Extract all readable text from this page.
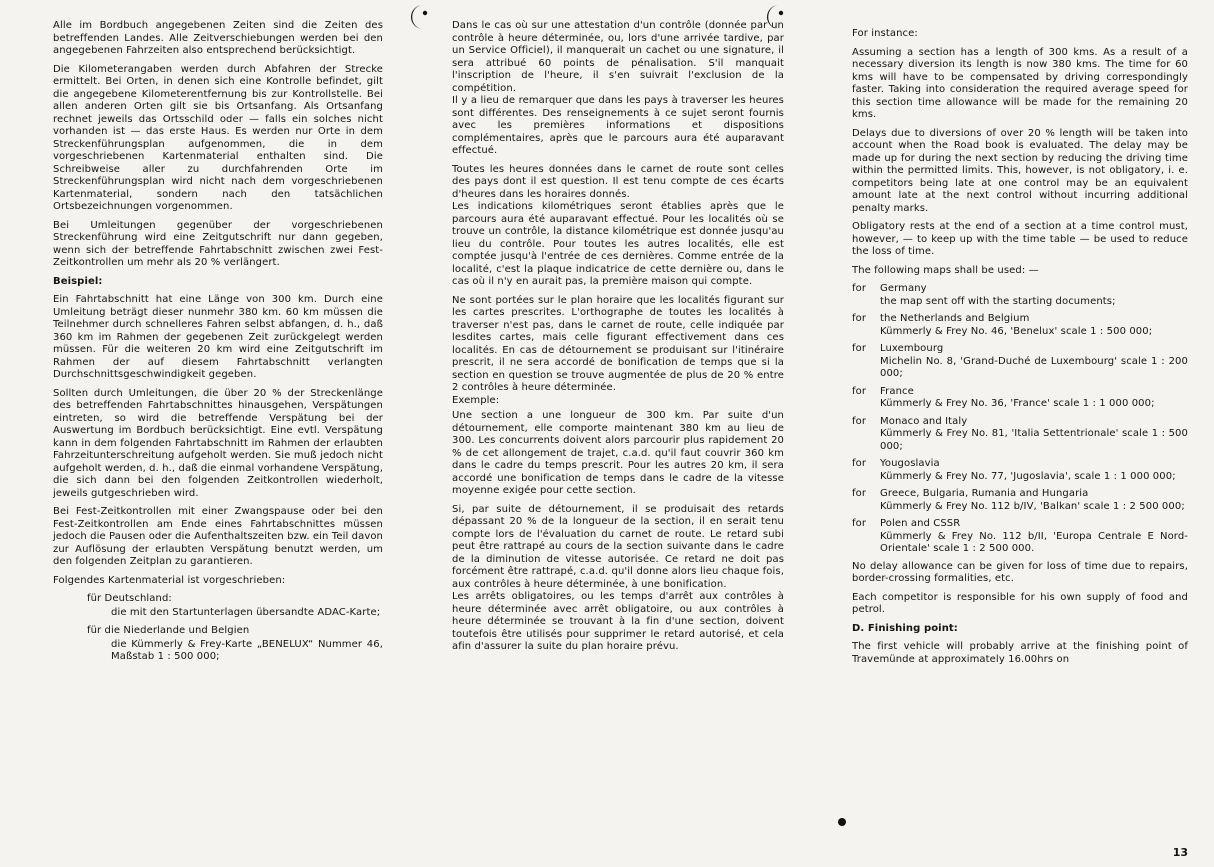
Alle im Bordbuch angegebenen Zeiten sind die Zeiten des betreffenden Landes. Alle Zeitverschiebungen werden bei den angegebenen Fahrzeiten also entsprechend berücksichtigt.

Die Kilometerangaben werden durch Abfahren der Strecke ermittelt. Bei Orten, in denen sich eine Kontrolle befindet, gilt die angegebene Kilometerentfernung bis zur Kontrollstelle. Bei allen anderen Orten gilt sie bis Ortsanfang. Als Ortsanfang rechnet jeweils das Ortsschild oder — falls ein solches nicht vorhanden ist — das erste Haus. Es werden nur Orte in dem Streckenführungsplan aufgenommen, die in dem vorgeschriebenen Kartenmaterial enthalten sind. Die Schreibweise aller zu durchfahrenden Orte im Streckenführungsplan wird nicht nach dem vorgeschriebenen Kartenmaterial, sondern nach den tatsächlichen Ortsbezeichnungen vorgenommen.

Bei Umleitungen gegenüber der vorgeschriebenen Streckenführung wird eine Zeitgutschrift nur dann gegeben, wenn sich der betreffende Fahrtabschnitt zwischen zwei Fest-Zeitkontrollen um mehr als 20 % verlängert.

Beispiel:

Ein Fahrtabschnitt hat eine Länge von 300 km. Durch eine Umleitung beträgt dieser nunmehr 380 km. 60 km müssen die Teilnehmer durch schnelleres Fahren selbst abfangen, d. h., daß 360 km im Rahmen der gegebenen Zeit zurückgelegt werden müssen. Für die weiteren 20 km wird eine Zeitgutschrift im Rahmen der auf diesem Fahrtabschnitt verlangten Durchschnittsgeschwindigkeit gegeben.

Sollten durch Umleitungen, die über 20 % der Streckenlänge des betreffenden Fahrtabschnittes hinausgehen, Verspätungen eintreten, so wird die betreffende Verspätung bei der Auswertung im Bordbuch berücksichtigt. Eine evtl. Verspätung kann in dem folgenden Fahrtabschnitt im Rahmen der erlaubten Fahrzeitunterschreitung aufgeholt werden. Sie muß jedoch nicht aufgeholt werden, d. h., daß die einmal vorhandene Verspätung, die sich dann bei den folgenden Zeitkontrollen wiederholt, jeweils gutgeschrieben wird.

Bei Fest-Zeitkontrollen mit einer Zwangspause oder bei den Fest-Zeitkontrollen am Ende eines Fahrtabschnittes müssen jedoch die Pausen oder die Aufenthaltszeiten bzw. ein Teil davon zur Auflösung der erlaubten Verspätung benutzt werden, um den folgenden Zeitplan zu garantieren.

Folgendes Kartenmaterial ist vorgeschrieben:

für Deutschland:
die mit den Startunterlagen übersandte ADAC-Karte;
für die Niederlande und Belgien
die Kümmerly & Frey-Karte „BENELUX“ Nummer 46, Maßstab 1 : 500 000;

Dans le cas où sur une attestation d'un contrôle (donnée par un contrôle à heure déterminée, ou, lors d'une arrivée tardive, par un Service Officiel), il manquerait un cachet ou une signature, il sera attribué 60 points de pénalisation. S'il manquait l'inscription de l'heure, il s'en suivrait l'exclusion de la compétition.

Il y a lieu de remarquer que dans les pays à traverser les heures sont différentes. Des renseignements à ce sujet seront fournis avec les premières informations et dispositions complémentaires, après que le parcours aura été auparavant effectué.

Toutes les heures données dans le carnet de route sont celles des pays dont il est question. Il est tenu compte de ces écarts d'heures dans les horaires donnés.

Les indications kilométriques seront établies après que le parcours aura été auparavant effectué. Pour les localités où se trouve un contrôle, la distance kilométrique est donnée jusqu'au lieu du contrôle. Pour toutes les autres localités, elle est comptée jusqu'à l'entrée de ces dernières. Comme entrée de la localité, c'est la plaque indicatrice de cette dernière ou, dans le cas où il n'y en aurait pas, la première maison qui compte.

Ne sont portées sur le plan horaire que les localités figurant sur les cartes prescrites. L'orthographe de toutes les localités à traverser n'est pas, dans le carnet de route, celle indiquée par lesdites cartes, mais celle figurant effectivement dans ces localités. En cas de détournement se produisant sur l'itinéraire prescrit, il ne sera accordé de bonification de temps que si la section en question se trouve augmentée de plus de 20 % entre 2 contrôles à heure déterminée.

Exemple:

Une section a une longueur de 300 km. Par suite d'un détournement, elle comporte maintenant 380 km au lieu de 300. Les concurrents doivent alors parcourir plus rapidement 20 % de cet allongement de trajet, c.a.d. qu'il faut couvrir 360 km dans le cadre du temps prescrit. Pour les autres 20 km, il sera accordé une bonification de temps dans le cadre de la vitesse moyenne exigée pour cette section.

Si, par suite de détournement, il se produisait des retards dépassant 20 % de la longueur de la section, il en serait tenu compte lors de l'évaluation du carnet de route. Le retard subi peut être rattrapé au cours de la section suivante dans le cadre de la diminution de vitesse autorisée. Ce retard ne doit pas forcément être rattrapé, c.a.d. qu'il donne alors lieu chaque fois, aux contrôles à heure déterminée, à une bonification.

Les arrêts obligatoires, ou les temps d'arrêt aux contrôles à heure déterminée avec arrêt obligatoire, ou aux contrôles à heure déterminée se trouvant à la fin d'une section, doivent toutefois être utilisés pour supprimer le retard autorisé, et cela afin d'assurer la suite du plan horaire prévu.

For instance:

Assuming a section has a length of 300 kms. As a result of a necessary diversion its length is now 380 kms. The time for 60 kms will have to be compensated by driving correspondingly faster. Taking into consideration the required average speed for this section time allowance will be made for the remaining 20 kms.

Delays due to diversions of over 20 % length will be taken into account when the Road book is evaluated. The delay may be made up for during the next section by reducing the driving time within the permitted limits. This, however, is not obligatory, i. e. competitors being late at one control may be an equivalent amount late at the next control without incurring additional penalty marks.

Obligatory rests at the end of a section at a time control must, however, — to keep up with the time table — be used to reduce the loss of time.

The following maps shall be used: —

for	Germany
the map sent off with the starting documents;
for	the Netherlands and Belgium
Kümmerly & Frey No. 46, 'Benelux' scale 1 : 500 000;
for	Luxembourg
Michelin No. 8, 'Grand-Duché de Luxembourg' scale 1 : 200 000;
for	France
Kümmerly & Frey No. 36, 'France' scale 1 : 1 000 000;
for	Monaco and Italy
Kümmerly & Frey No. 81, 'Italia Settentrionale' scale 1 : 500 000;
for	Yougoslavia
Kümmerly & Frey No. 77, 'Jugoslavia', scale 1 : 1 000 000;
for	Greece, Bulgaria, Rumania and Hungaria
Kümmerly & Frey No. 112 b/IV, 'Balkan' scale 1 : 2 500 000;
for	Polen and CSSR
Kümmerly & Frey No. 112 b/II, 'Europa Centrale E Nord-Orientale' scale 1 : 2 500 000.

No delay allowance can be given for loss of time due to repairs, border-crossing formalities, etc.

Each competitor is responsible for his own supply of food and petrol.

D. Finishing point:

The first vehicle will probably arrive at the finishing point of Travemünde at approximately 16.00hrs on

13
